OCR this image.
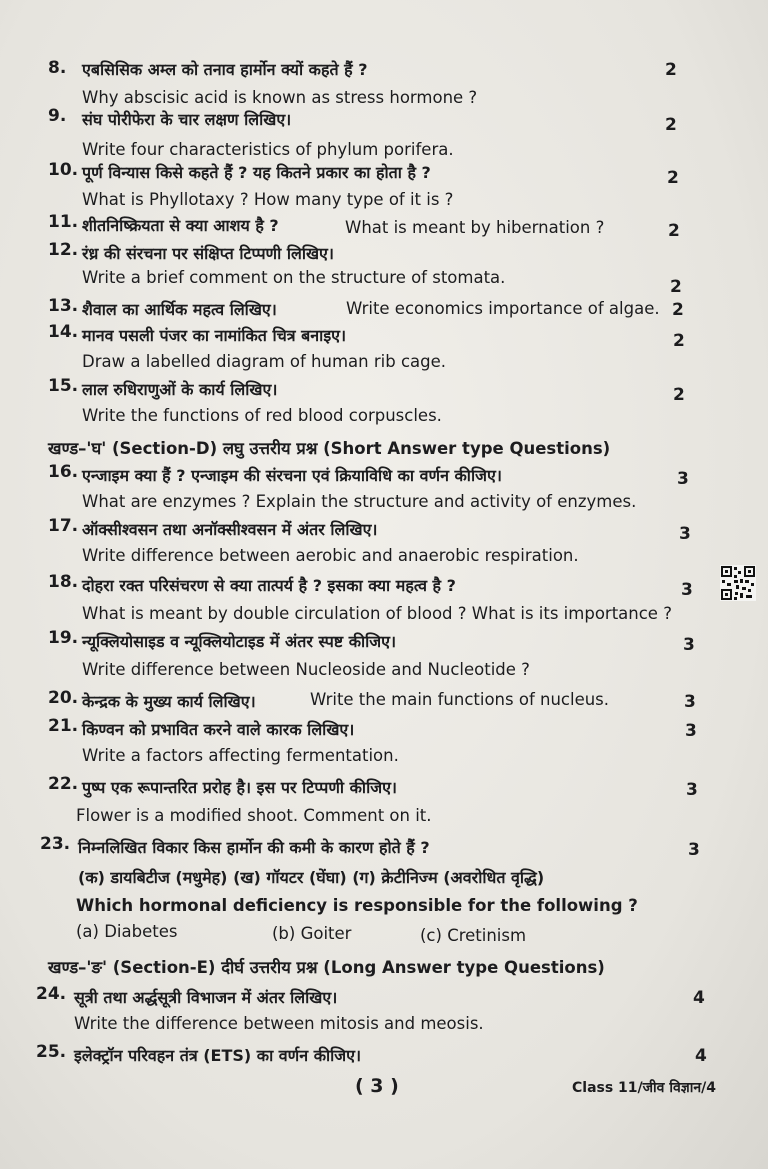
8. एबसिसिक अम्ल को तनाव हार्मोन क्यों कहते हैं ?	2
Why abscisic acid is known as stress hormone ?
9. संघ पोरीफेरा के चार लक्षण लिखिए।	2
Write four characteristics of phylum porifera.
10. पूर्ण विन्यास किसे कहते हैं ? यह कितने प्रकार का होता है ?	2
What is Phyllotaxy ? How many type of it is ?
11. शीतनिष्क्रियता से क्या आशय है ?	What is meant by hibernation ?	2
12. रंध्र की संरचना पर संक्षिप्त टिप्पणी लिखिए।
Write a brief comment on the structure of stomata.	2
13. शैवाल का आर्थिक महत्व लिखिए।	Write economics importance of algae. 2
14. मानव पसली पंजर का नामांकित चित्र बनाइए।	2
Draw a labelled diagram of human rib cage.
15. लाल रुधिराणुओं के कार्य लिखिए।	2
Write the functions of red blood corpuscles.
खण्ड–'घ' (Section-D) लघु उत्तरीय प्रश्न (Short Answer type Questions)
16. एन्जाइम क्या हैं ? एन्जाइम की संरचना एवं क्रियाविधि का वर्णन कीजिए।	3
What are enzymes ? Explain the structure and activity of enzymes.
17. ऑक्सीश्वसन तथा अनॉक्सीश्वसन में अंतर लिखिए।	3
Write difference between aerobic and anaerobic respiration.
18. दोहरा रक्त परिसंचरण से क्या तात्पर्य है ? इसका क्या महत्व है ?	3
What is meant by double circulation of blood ? What is its importance ?
19. न्यूक्लियोसाइड व न्यूक्लियोटाइड में अंतर स्पष्ट कीजिए।	3
Write difference between Nucleoside and Nucleotide ?
20. केन्द्रक के मुख्य कार्य लिखिए।	Write the main functions of nucleus.	3
21. किण्वन को प्रभावित करने वाले कारक लिखिए।	3
Write a factors affecting fermentation.
22. पुष्प एक रूपान्तरित प्ररोह है। इस पर टिप्पणी कीजिए।	3
Flower is a modified shoot. Comment on it.
23. निम्नलिखित विकार किस हार्मोन की कमी के कारण होते हैं ?	3
(क) डायबिटीज (मधुमेह) (ख) गॉयटर (घेंघा) (ग) क्रेटीनिज्म (अवरोधित वृद्धि)
Which hormonal deficiency is responsible for the following ?
(a) Diabetes	(b) Goiter	(c) Cretinism
खण्ड–'ङ' (Section-E) दीर्घ उत्तरीय प्रश्न (Long Answer type Questions)
24. सूत्री तथा अर्द्धसूत्री विभाजन में अंतर लिखिए।	4
Write the difference between mitosis and meosis.
25. इलेक्ट्रॉन परिवहन तंत्र (ETS) का वर्णन कीजिए।	4
( 3 )	Class 11/जीव विज्ञान/4
